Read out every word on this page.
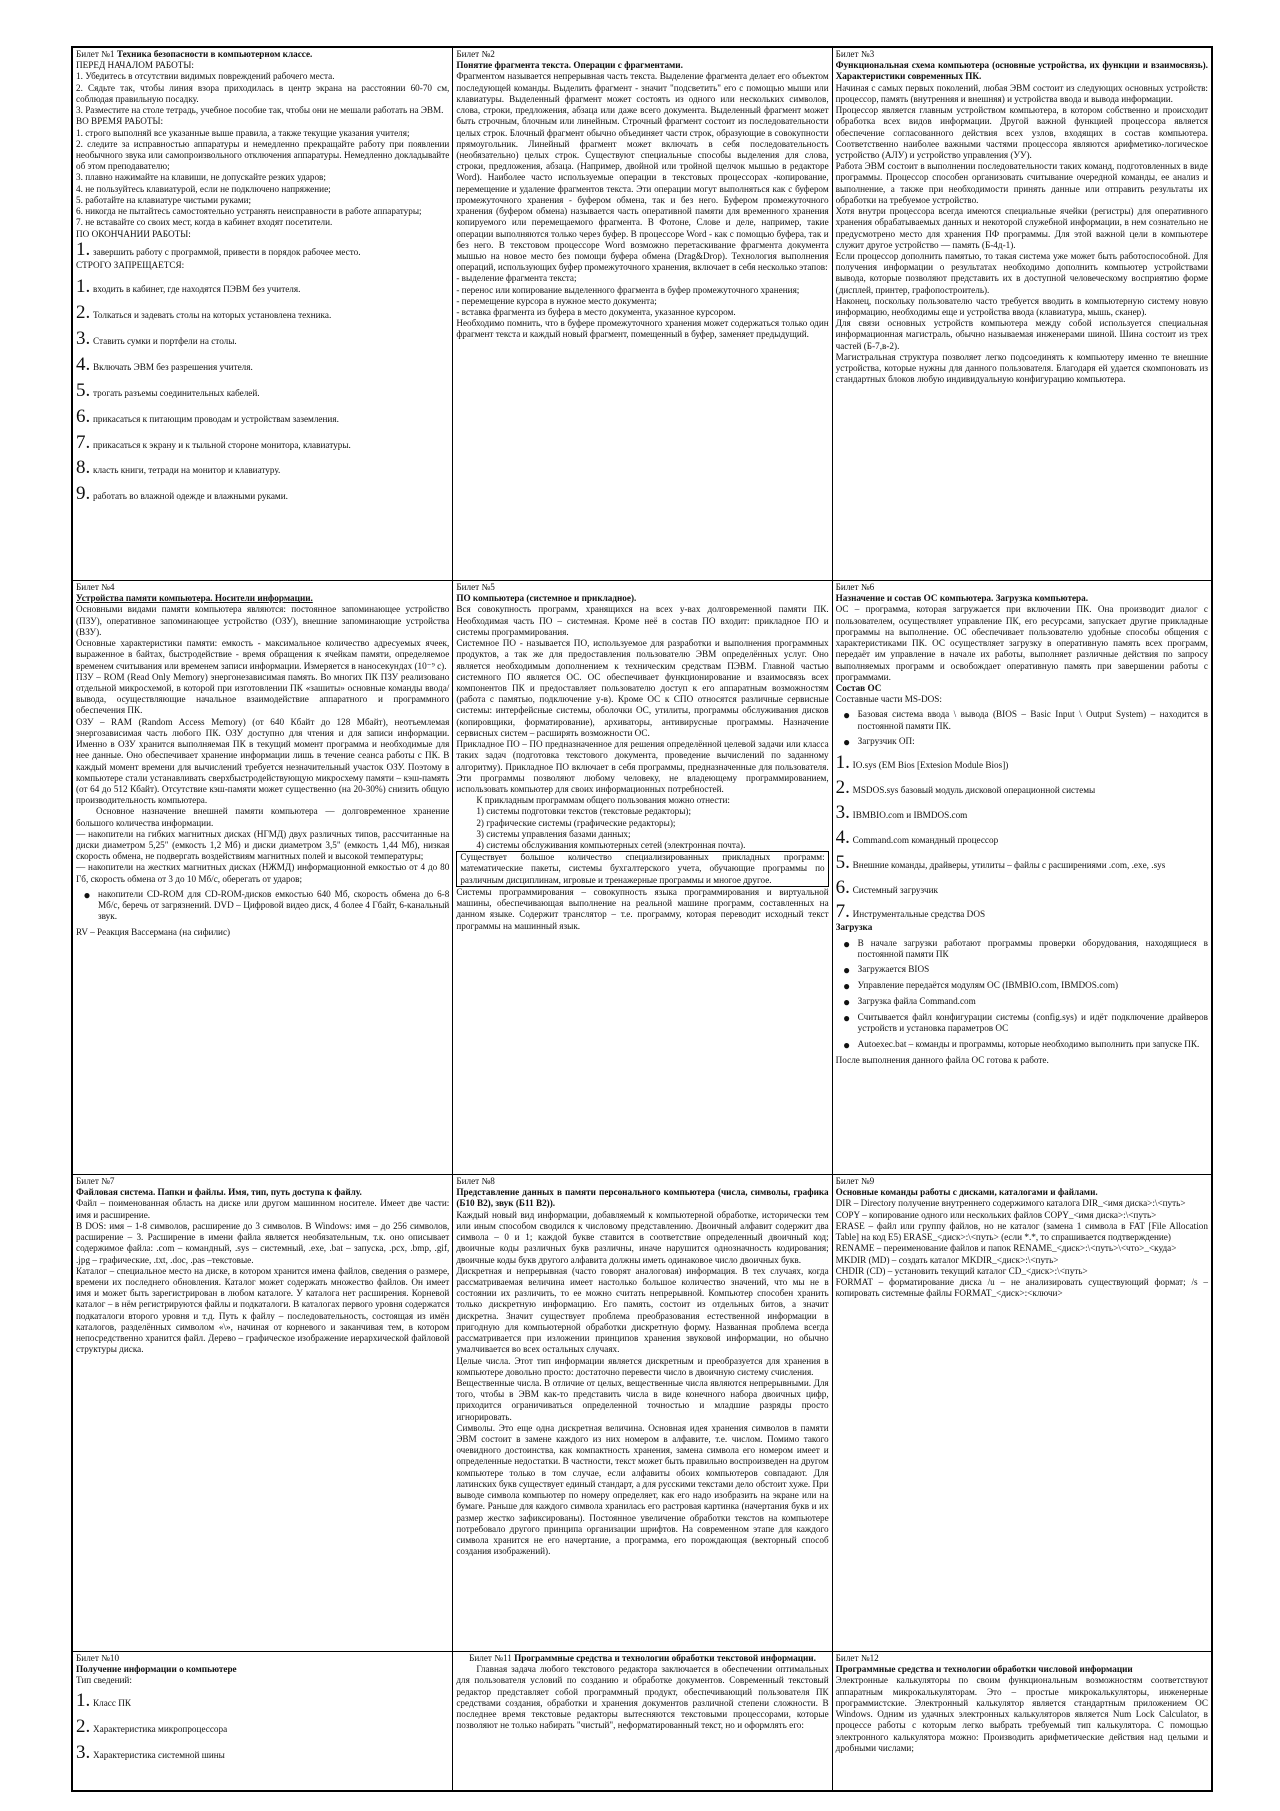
Билет №1 Техника безопасности в компьютерном классе.

ПЕРЕД НАЧАЛОМ РАБОТЫ:

1. Убедитесь в отсутствии видимых повреждений рабочего места.

2. Сядьте так, чтобы линия взора приходилась в центр экрана на расстоянии 60-70 см, соблюдая правильную посадку.

3. Разместите на столе тетрадь, учебное пособие так, чтобы они не мешали работать на ЭВМ.

ВО ВРЕМЯ РАБОТЫ:

1. строго выполняй все указанные выше правила, а также текущие указания учителя;

2. следите за исправностью аппаратуры и немедленно прекращайте работу при появлении необычного звука или самопроизвольного отключения аппаратуры. Немедленно докладывайте об этом преподавателю;

3. плавно нажимайте на клавиши, не допускайте резких ударов;

4. не пользуйтесь клавиатурой, если не подключено напряжение;

5. работайте на клавиатуре чистыми руками;

6. никогда не пытайтесь самостоятельно устранять неисправности в работе аппаратуры;

7. не вставайте со своих мест, когда в кабинет входят посетители.

ПО ОКОНЧАНИИ РАБОТЫ:

1. завершить работу с программой, привести в порядок рабочее место.

СТРОГО ЗАПРЕЩАЕТСЯ:

1. входить в кабинет, где находятся ПЭВМ без учителя.
2. Толкаться и задевать столы на которых установлена техника.
3. Ставить сумки и портфели на столы.
4. Включать ЭВМ без разрешения учителя.
5. трогать разъемы соединительных кабелей.
6. прикасаться к питающим проводам и устройствам заземления.
7. прикасаться к экрану и к тыльной стороне монитора, клавиатуры.
8. класть книги, тетради на монитор и клавиатуру.
9. работать во влажной одежде и влажными руками.

Билет №2

Понятие фрагмента текста. Операции с фрагментами.

Фрагментом называется непрерывная часть текста. Выделение фрагмента делает его объектом последующей команды. Выделить фрагмент - значит "подсветить" его с помощью мыши или клавиатуры. Выделенный фрагмент может состоять из одного или нескольких символов, слова, строки, предложения, абзаца или даже всего документа. Выделенный фрагмент может быть строчным, блочным или линейным. Строчный фрагмент состоит из последовательности целых строк. Блочный фрагмент обычно объединяет части строк, образующие в совокупности прямоугольник. Линейный фрагмент может включать в себя последовательность (необязательно) целых строк. Существуют специальные способы выделения для слова, строки, предложения, абзаца. (Например, двойной или тройной щелчок мышью в редакторе Word). Наиболее часто используемые операции в текстовых процессорах -копирование, перемещение и удаление фрагментов текста. Эти операции могут выполняться как с буфером промежуточного хранения - буфером обмена, так и без него. Буфером промежуточного хранения (буфером обмена) называется часть оперативной памяти для временного хранения копируемого или перемещаемого фрагмента. В Фотоне, Слове и деле, например, такие операции выполняются только через буфер. В процессоре Word - как с помощью буфера, так и без него. В текстовом процессоре Word возможно перетаскивание фрагмента документа мышью на новое место без помощи буфера обмена (Drag&Drop). Технология выполнения операций, использующих буфер промежуточного хранения, включает в себя несколько этапов:

- выделение фрагмента текста;

- перенос или копирование выделенного фрагмента в буфер промежуточного хранения;

- перемещение курсора в нужное место документа;

- вставка фрагмента из буфера в место документа, указанное курсором.

Необходимо помнить, что в буфере промежуточного хранения может содержаться только один фрагмент текста и каждый новый фрагмент, помещенный в буфер, заменяет предыдущий.

Билет №3

Функциональная схема компьютера (основные устройства, их функции и взаимосвязь). Характеристики современных ПК.

Начиная с самых первых поколений, любая ЭВМ состоит из следующих основных устройств: процессор, память (внутренняя и внешняя) и устройства ввода и вывода информации.

Процессор является главным устройством компьютера, в котором собственно и происходит обработка всех видов информации. Другой важной функцией процессора является обеспечение согласованного действия всех узлов, входящих в состав компьютера. Соответственно наиболее важными частями процессора являются арифметико-логическое устройство (АЛУ) и устройство управления (УУ).

Работа ЭВМ состоит в выполнении последовательности таких команд, подготовленных в виде программы. Процессор способен организовать считывание очередной команды, ее анализ и выполнение, а также при необходимости принять данные или отправить результаты их обработки на требуемое устройство.

Хотя внутри процессора всегда имеются специальные ячейки (регистры) для оперативного хранения обрабатываемых данных и некоторой служебной информации, в нем сознательно не предусмотрено место для хранения ПФ программы. Для этой важной цели в компьютере служит другое устройство — память (Б-4д-1).

Если процессор дополнить памятью, то такая система уже может быть работоспособной. Для получения информации о результатах необходимо дополнить компьютер устройствами вывода, которые позволяют представить их в доступной человеческому восприятию форме (дисплей, принтер, графопостроитель).

Наконец, поскольку пользователю часто требуется вводить в компьютерную систему новую информацию, необходимы еще и устройства ввода (клавиатура, мышь, сканер).

Для связи основных устройств компьютера между собой используется специальная информационная магистраль, обычно называемая инженерами шиной. Шина состоит из трех частей (Б-7,в-2).

Магистральная структура позволяет легко подсоединять к компьютеру именно те внешние устройства, которые нужны для данного пользователя. Благодаря ей удается скомпоновать из стандартных блоков любую индивидуальную конфигурацию компьютера.

Билет №4

Устройства памяти компьютера. Носители информации.

Основными видами памяти компьютера являются: постоянное запоминающее устройство (ПЗУ), оперативное запоминающее устройство (ОЗУ), внешние запоминающие устройства (ВЗУ).

Основные характеристики памяти: емкость - максимальное количество адресуемых ячеек, выраженное в байтах, быстродействие - время обращения к ячейкам памяти, определяемое временем считывания или временем записи информации. Измеряется в наносекундах (10⁻⁹ с).

ПЗУ – ROM (Read Only Memory) энергонезависимая память. Во многих ПК ПЗУ реализовано отдельной микросхемой, в которой при изготовлении ПК «зашиты» основные команды ввода/вывода, осуществляющие начальное взаимодействие аппаратного и программного обеспечения ПК.

ОЗУ – RAM (Random Access Memory) (от 640 Кбайт до 128 Мбайт), неотъемлемая энергозависимая часть любого ПК. ОЗУ доступно для чтения и для записи информации. Именно в ОЗУ хранится выполняемая ПК в текущий момент программа и необходимые для нее данные. Оно обеспечивает хранение информации лишь в течение сеанса работы с ПК. В каждый момент времени для вычислений требуется незначительный участок ОЗУ. Поэтому в компьютере стали устанавливать сверхбыстродействующую микросхему памяти – кэш-память (от 64 до 512 Кбайт). Отсутствие кэш-памяти может существенно (на 20-30%) снизить общую производительность компьютера.

Основное назначение внешней памяти компьютера — долговременное хранение большого количества информации.

— накопители на гибких магнитных дисках (НГМД) двух различных типов, рассчитанные на диски диаметром 5,25" (емкость 1,2 Мб) и диски диаметром 3,5" (емкость 1,44 Мб), низкая скорость обмена, не подвергать воздействиям магнитных полей и высокой температуры;

— накопители на жестких магнитных дисках (НЖМД) информационной емкостью от 4 до 80 Гб, скорость обмена от 3 до 10 Мб/с, оберегать от ударов;

● накопители CD-ROM для CD-ROM-дисков емкостью 640 Мб, скорость обмена до 6-8 Мб/с, беречь от загрязнений. DVD – Цифровой видео диск, 4 более 4 Гбайт, 6-канальный звук.

RV – Реакция Вассермана (на сифилис)

Билет №5

ПО компьютера (системное и прикладное).

Вся совокупность программ, хранящихся на всех у-вах долговременной памяти ПК. Необходимая часть ПО – системная. Кроме неё в состав ПО входит: прикладное ПО и системы программирования.

Системное ПО - называется ПО, используемое для разработки и выполнения программных продуктов, а так же для предоставления пользователю ЭВМ определённых услуг. Оно является необходимым дополнением к техническим средствам ПЭВМ. Главной частью системного ПО является ОС. ОС обеспечивает функционирование и взаимосвязь всех компонентов ПК и предоставляет пользователю доступ к его аппаратным возможностям (работа с памятью, подключение у-в). Кроме ОС к СПО относятся различные сервисные системы: интерфейсные системы, оболочки ОС, утилиты, программы обслуживания дисков (копировщики, форматирование), архиваторы, антивирусные программы. Назначение сервисных систем – расширять возможности ОС.

Прикладное ПО – ПО предназначенное для решения определённой целевой задачи или класса таких задач (подготовка текстового документа, проведение вычислений по заданному алгоритму). Прикладное ПО включает в себя программы, предназначенные для пользователя. Эти программы позволяют любому человеку, не владеющему программированием, использовать компьютер для своих информационных потребностей.

К прикладным программам общего пользования можно отнести:

1) системы подготовки текстов (текстовые редакторы);

2) графические системы (графические редакторы);

3) системы управления базами данных;

4) системы обслуживания компьютерных сетей (электронная почта).

Существует большое количество специализированных прикладных программ: математические пакеты, системы бухгалтерского учета, обучающие программы по различным дисциплинам, игровые и тренажерные программы и многое другое.

Системы программирования – совокупность языка программирования и виртуальной машины, обеспечивающая выполнение на реальной машине программ, составленных на данном языке. Содержит транслятор – т.е. программу, которая переводит исходный текст программы на машинный язык.

Билет №6

Назначение и состав ОС компьютера. Загрузка компьютера.

ОС – программа, которая загружается при включении ПК. Она производит диалог с пользователем, осуществляет управление ПК, его ресурсами, запускает другие прикладные программы на выполнение. ОС обеспечивает пользователю удобные способы общения с характеристиками ПК. ОС осуществляет загрузку в оперативную память всех программ, передаёт им управление в начале их работы, выполняет различные действия по запросу выполняемых программ и освобождает оперативную память при завершении работы с программами.

Состав ОС

Составные части MS-DOS:

● Базовая система ввода \ вывода (BIOS – Basic Input \ Output System) – находится в постоянной памяти ПК.
● Загрузчик ОП:
1. IO.sys (EM Bios [Extesion Module Bios])
2. MSDOS.sys базовый модуль дисковой операционной системы
3. IBMBIO.com и IBMDOS.com
4. Command.com командный процессор
5. Внешние команды, драйверы, утилиты – файлы с расширениями .com, .exe, .sys
6. Системный загрузчик
7. Инструментальные средства DOS

Загрузка

● В начале загрузки работают программы проверки оборудования, находящиеся в постоянной памяти ПК
● Загружается BIOS
● Управление передаётся модулям ОС (IBMBIO.com, IBMDOS.com)
● Загрузка файла Command.com
● Считывается файл конфигурации системы (config.sys) и идёт подключение драйверов устройств и установка параметров ОС
● Autoexec.bat – команды и программы, которые необходимо выполнить при запуске ПК.

После выполнения данного файла ОС готова к работе.

Билет №7

Файловая система. Папки и файлы. Имя, тип, путь доступа к файлу.

Файл – поименованная область на диске или другом машинном носителе. Имеет две части: имя и расширение.

В DOS: имя – 1-8 символов, расширение до 3 символов. В Windows: имя – до 256 символов, расширение – 3. Расширение в имени файла является необязательным, т.к. оно описывает содержимое файла: .com – командный, .sys – системный, .exe, .bat – запуска, .pcx, .bmp, .gif, .jpg – графические, .txt, .doc, .pas –текстовые.

Каталог – специальное место на диске, в котором хранится имена файлов, сведения о размере, времени их последнего обновления. Каталог может содержать множество файлов. Он имеет имя и может быть зарегистрирован в любом каталоге. У каталога нет расширения. Корневой каталог – в нём регистрируются файлы и подкаталоги. В каталогах первого уровня содержатся подкаталоги второго уровня и т.д. Путь к файлу – последовательность, состоящая из имён каталогов, разделённых символом «\», начиная от корневого и заканчивая тем, в котором непосредственно хранится файл. Дерево – графическое изображение иерархической файловой структуры диска.

Билет №8

Представление данных в памяти персонального компьютера (числа, символы, графика (Б10 В2), звук (Б11 В2)).

Каждый новый вид информации, добавляемый к компьютерной обработке, исторически тем или иным способом сводился к числовому представлению. Двоичный алфавит содержит два символа – 0 и 1; каждой букве ставится в соответствие определенный двоичный код; двоичные коды различных букв различны, иначе нарушится однозначность кодирования; двоичные коды букв другого алфавита должны иметь одинаковое число двоичных букв.

Дискретная и непрерывная (часто говорят аналоговая) информация. В тех случаях, когда рассматриваемая величина имеет настолько большое количество значений, что мы не в состоянии их различить, то ее можно считать непрерывной. Компьютер способен хранить только дискретную информацию. Его память, состоит из отдельных битов, а значит дискретна. Значит существует проблема преобразования естественной информации в пригодную для компьютерной обработки дискретную форму. Названная проблема всегда рассматривается при изложении принципов хранения звуковой информации, но обычно умалчивается во всех остальных случаях.

Целые числа. Этот тип информации является дискретным и преобразуется для хранения в компьютере довольно просто: достаточно перевести число в двоичную систему счисления.

Вещественные числа. В отличие от целых, вещественные числа являются непрерывными. Для того, чтобы в ЭВМ как-то представить числа в виде конечного набора двоичных цифр, приходится ограничиваться определенной точностью и младшие разряды просто игнорировать.

Символы. Это еще одна дискретная величина. Основная идея хранения символов в памяти ЭВМ состоит в замене каждого из них номером в алфавите, т.е. числом. Помимо такого очевидного достоинства, как компактность хранения, замена символа его номером имеет и определенные недостатки. В частности, текст может быть правильно воспроизведен на другом компьютере только в том случае, если алфавиты обоих компьютеров совпадают. Для латинских букв существует единый стандарт, а для русскими текстами дело обстоит хуже. При выводе символа компьютер по номеру определяет, как его надо изобразить на экране или на бумаге. Раньше для каждого символа хранилась его растровая картинка (начертания букв и их размер жестко зафиксированы). Постоянное увеличение обработки текстов на компьютере потребовало другого принципа организации шрифтов. На современном этапе для каждого символа хранится не его начертание, а программа, его порождающая (векторный способ создания изображений).

Билет №9

Основные команды работы с дисками, каталогами и файлами.

DIR – Directory получение внутреннего содержимого каталога DIR_<имя диска>:\<путь>

COPY – копирование одного или нескольких файлов COPY_<имя диска>:\<путь>

ERASE – файл или группу файлов, но не каталог (замена 1 символа в FAT [File Allocation Table] на код E5) ERASE_<диск>:\<путь> (если *.*, то спрашивается подтверждение)

RENAME – переименование файлов и папок RENAME_<диск>:\<путь>\<что>_<куда>

MKDIR (MD) – создать каталог MKDIR_<диск>:\<путь>

CHDIR (CD) – установить текущий каталог CD_<диск>:\<путь>

FORMAT – форматирование диска /u – не анализировать существующий формат; /s – копировать системные файлы FORMAT_<диск>:<ключи>

Билет №10

Получение информации о компьютере

Тип сведений:

1. Класс ПК
2. Характеристика микропроцессора
3. Характеристика системной шины

Билет №11 Программные средства и технологии обработки текстовой информации.

Главная задача любого текстового редактора заключается в обеспечении оптимальных для пользователя условий по созданию и обработке документов. Современный текстовый редактор представляет собой программный продукт, обеспечивающий пользователя ПК средствами создания, обработки и хранения документов различной степени сложности. В последнее время текстовые редакторы вытесняются текстовыми процессорами, которые позволяют не только набирать "чистый", неформатированный текст, но и оформлять его:

Билет №12

Программные средства и технологии обработки числовой информации

Электронные калькуляторы по своим функциональным возможностям соответствуют аппаратным микрокалькуляторам. Это – простые микрокалькуляторы, инженерные программистские. Электронный калькулятор является стандартным приложением ОС Windows. Одним из удачных электронных калькуляторов является Num Lock Calculator, в процессе работы с которым легко выбрать требуемый тип калькулятора. С помощью электронного калькулятора можно: Производить арифметические действия над целыми и дробными числами;
